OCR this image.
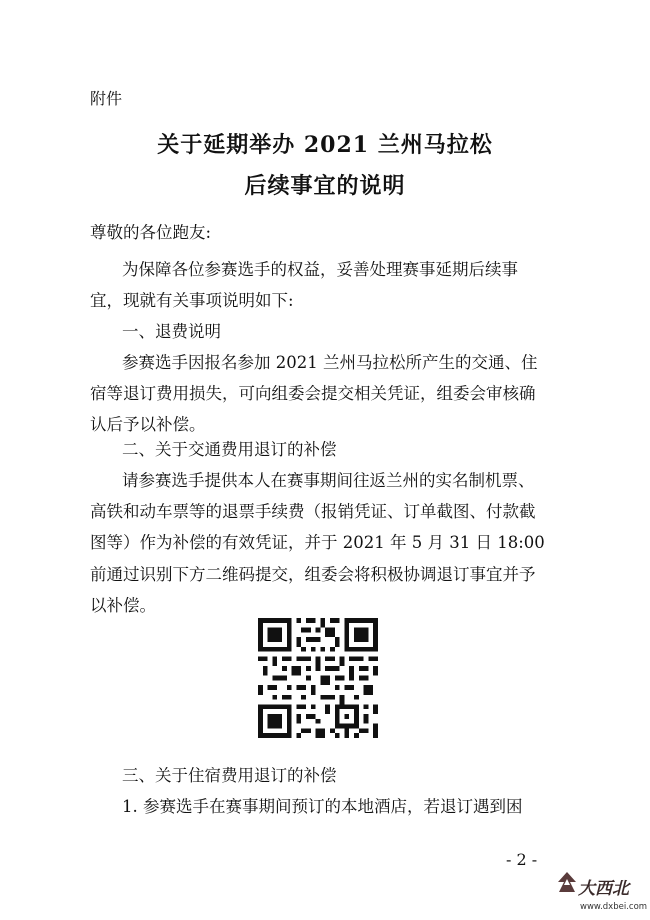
附件
关于延期举办 2021 兰州马拉松
后续事宜的说明
尊敬的各位跑友:
为保障各位参赛选手的权益，妥善处理赛事延期后续事
宜，现就有关事项说明如下:
一、退费说明
参赛选手因报名参加 2021 兰州马拉松所产生的交通、住
宿等退订费用损失，可向组委会提交相关凭证，组委会审核确
认后予以补偿。
二、关于交通费用退订的补偿
请参赛选手提供本人在赛事期间往返兰州的实名制机票、
高铁和动车票等的退票手续费（报销凭证、订单截图、付款截
图等）作为补偿的有效凭证，并于 2021 年 5 月 31 日 18:00
前通过识别下方二维码提交，组委会将积极协调退订事宜并予
以补偿。
三、关于住宿费用退订的补偿
1. 参赛选手在赛事期间预订的本地酒店，若退订遇到困
- 2 -
大西北
www.dxbei.com
